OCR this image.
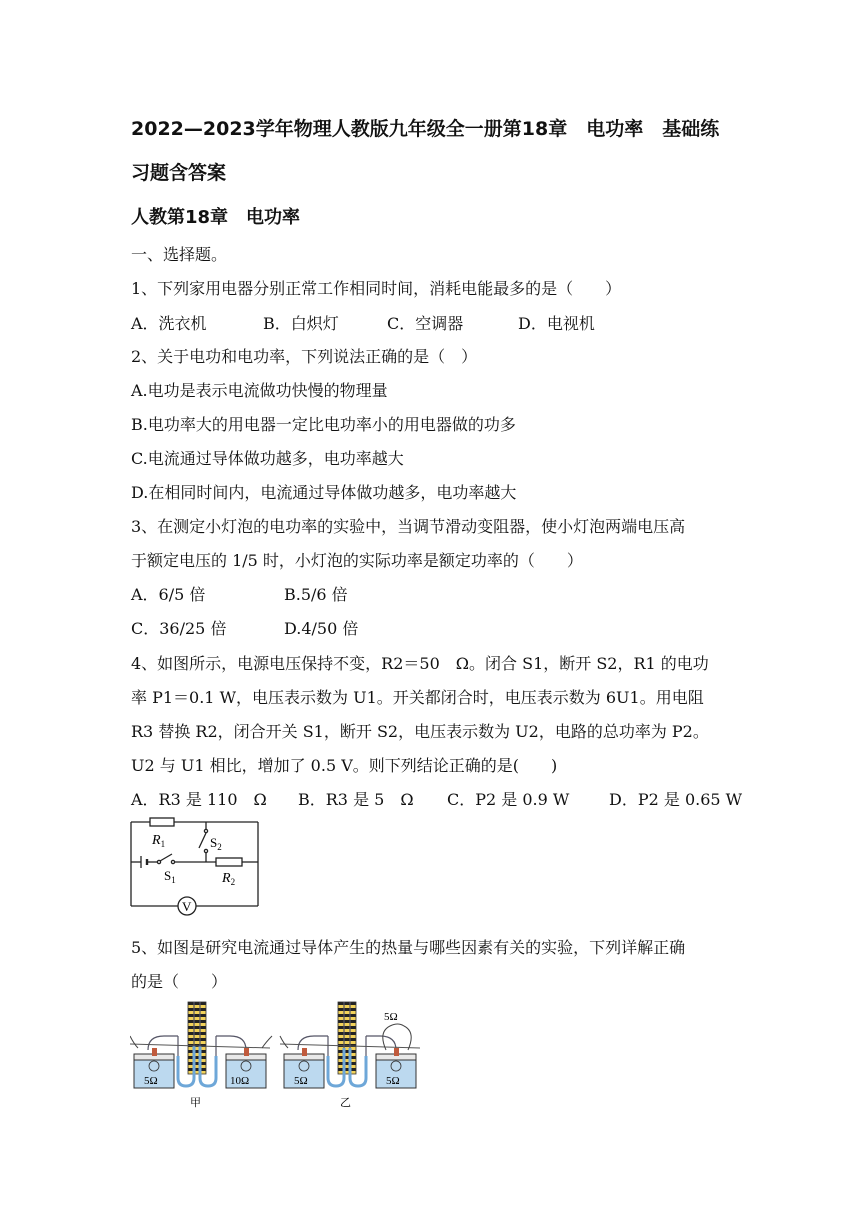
2022—2023学年物理人教版九年级全一册第18章　电功率　基础练
习题含答案
人教第18章　电功率
一、选择题。
1、下列家用电器分别正常工作相同时间，消耗电能最多的是（　　）
A．洗衣机	B．白炽灯	C．空调器	D．电视机
2、关于电功和电功率，下列说法正确的是（　）
A.电功是表示电流做功快慢的物理量
B.电功率大的用电器一定比电功率小的用电器做的功多
C.电流通过导体做功越多，电功率越大
D.在相同时间内，电流通过导体做功越多，电功率越大
3、在测定小灯泡的电功率的实验中，当调节滑动变阻器，使小灯泡两端电压高
于额定电压的 1/5 时，小灯泡的实际功率是额定功率的（　　）
A．6/5 倍	B.5/6 倍
C．36/25 倍	D.4/50 倍
4、如图所示，电源电压保持不变，R2＝50　Ω。闭合 S1，断开 S2，R1 的电功
率 P1＝0.1 W，电压表示数为 U1。开关都闭合时，电压表示数为 6U1。用电阻
R3 替换 R2，闭合开关 S1，断开 S2，电压表示数为 U2，电路的总功率为 P2。
U2 与 U1 相比，增加了 0.5 V。则下列结论正确的是(　　)
A．R3 是 110　Ω B．R3 是 5　Ω C．P2 是 0.9 W D．P2 是 0.65 W
V
$R_1$	$S_2$
$S_1$	$R_2$
5、如图是研究电流通过导体产生的热量与哪些因素有关的实验，下列详解正确
的是（　　）
5Ω	10Ω
甲
5Ω
5Ω	5Ω
乙
